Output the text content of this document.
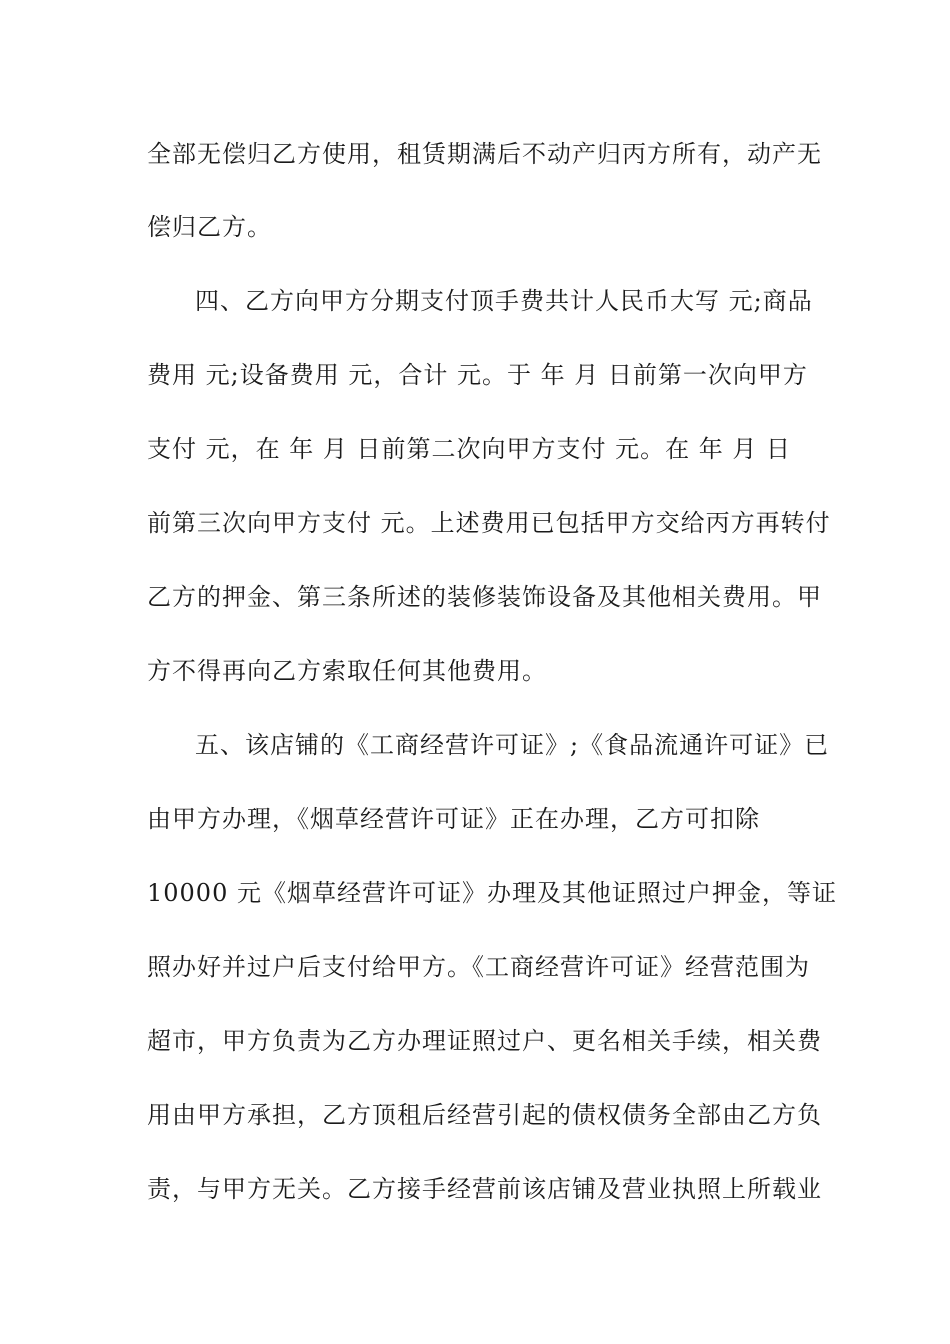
全部无偿归乙方使用，租赁期满后不动产归丙方所有，动产无
偿归乙方。
四、乙方向甲方分期支付顶手费共计人民币大写 元;商品
费用 元;设备费用 元，合计 元。于 年 月 日前第一次向甲方
支付 元，在 年 月 日前第二次向甲方支付 元。在 年 月 日
前第三次向甲方支付 元。上述费用已包括甲方交给丙方再转付
乙方的押金、第三条所述的装修装饰设备及其他相关费用。甲
方不得再向乙方索取任何其他费用。
五、该店铺的《工商经营许可证》;《食品流通许可证》已
由甲方办理，《烟草经营许可证》正在办理，乙方可扣除
10000 元《烟草经营许可证》办理及其他证照过户押金，等证
照办好并过户后支付给甲方。《工商经营许可证》经营范围为
超市，甲方负责为乙方办理证照过户、更名相关手续，相关费
用由甲方承担，乙方顶租后经营引起的债权债务全部由乙方负
责，与甲方无关。乙方接手经营前该店铺及营业执照上所载业
